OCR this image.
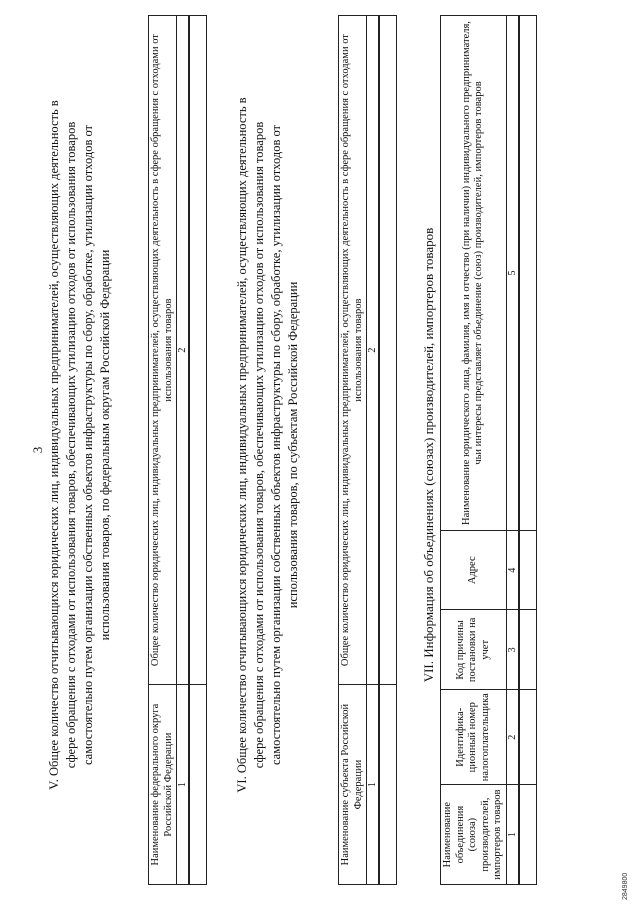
3 V. Общее количество отчитывающихся юридических лиц, индивидуальных предпринимателей, осуществляющих деятельность в сфере обращения с отходами от использования товаров, обеспечивающих утилизацию отходов от использования товаров самостоятельно путем организации собственных объектов инфраструктуры по сбору, обработке, утилизации отходов от использования товаров, по федеральным округам Российской Федерации
Наименование федерального округа Российской Федерации	Общее количество юридических лиц, индивидуальных предпринимателей, осуществляющих деятельность в сфере обращения с отходами от использования товаров
1	2
		VI. Общее количество отчитывающихся юридических лиц, индивидуальных предпринимателей, осуществляющих деятельность в сфере обращения с отходами от использования товаров, обеспечивающих утилизацию отходов от использования товаров самостоятельно путем организации собственных объектов инфраструктуры по сбору, обработке, утилизации отходов от использования товаров, по субъектам Российской Федерации
Наименование субъекта Российской Федерации	Общее количество юридических лиц, индивидуальных предпринимателей, осуществляющих деятельность в сфере обращения с отходами от использования товаров
1	2
		VII. Информация об объединениях (союзах) производителей, импортеров товаров
Наименование объединения (союза) производителей, импортеров товаров	Идентифика-ционный номер налогоплательщика	Код причины постановки на учет	Адрес	Наименование юридического лица, фамилия, имя и отчество (при наличии) индивидуального предпринимателя, чьи интересы представляет объединение (союз) производителей, импортеров товаров
1	2	3	4	5

2849800
